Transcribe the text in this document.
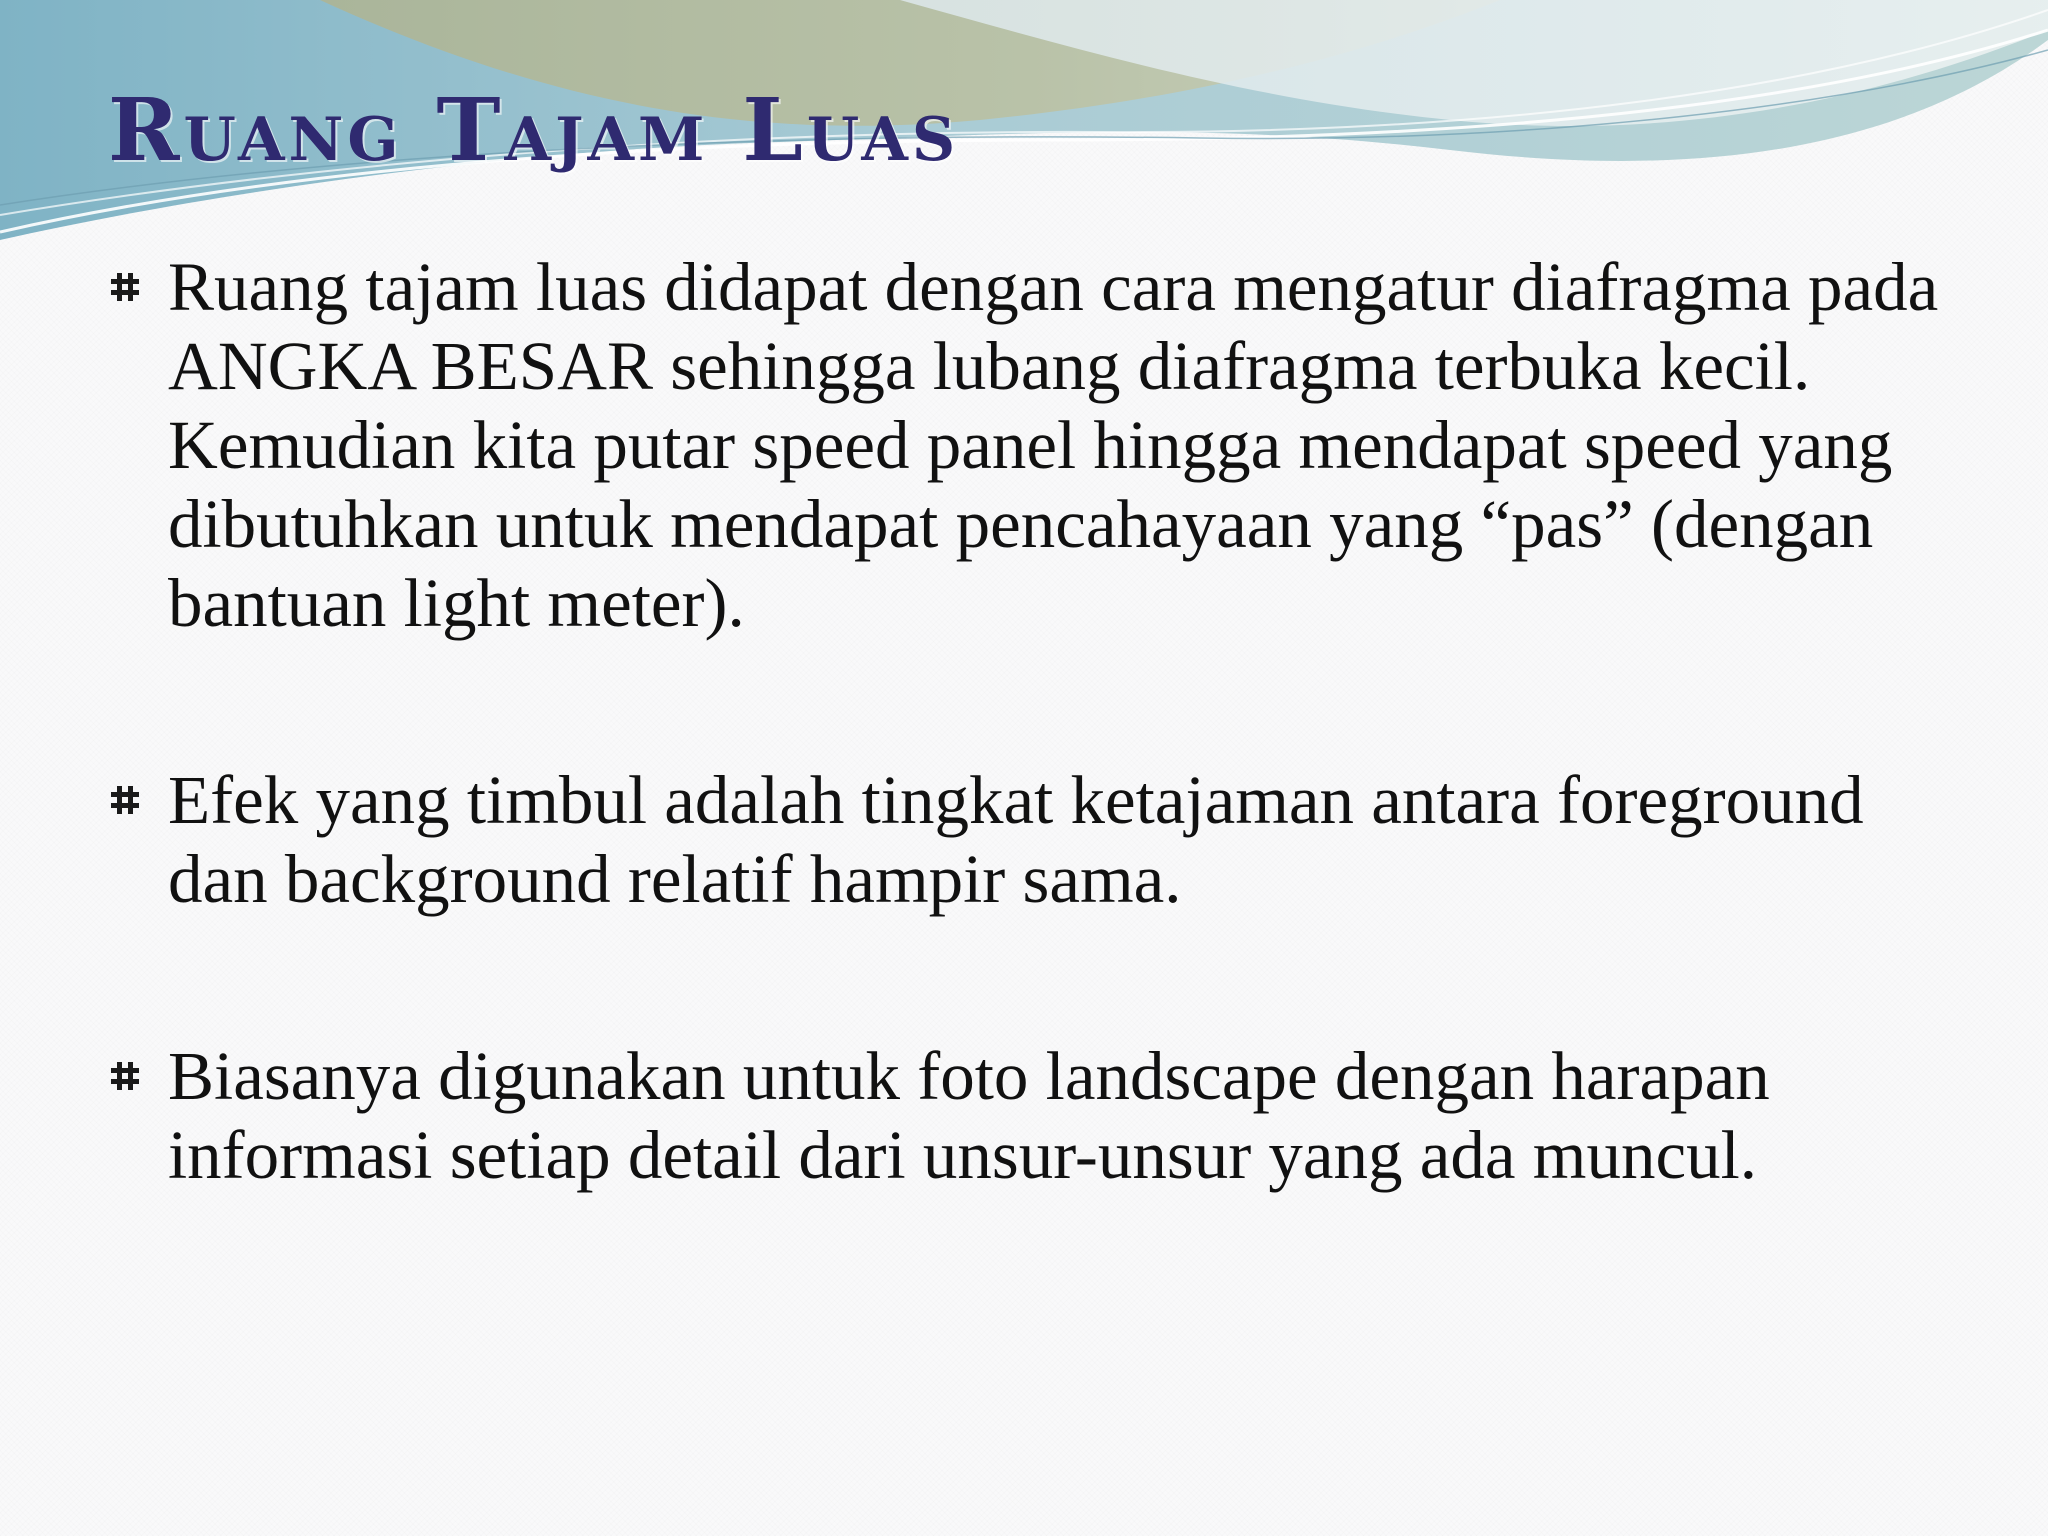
Ruang Tajam Luas
Ruang tajam luas didapat dengan cara mengatur diafragma pada ANGKA BESAR sehingga lubang diafragma terbuka kecil. Kemudian kita putar speed panel hingga mendapat speed yang dibutuhkan untuk mendapat pencahayaan yang “pas” (dengan bantuan light meter).
Efek yang timbul adalah tingkat ketajaman antara foreground dan background relatif hampir sama.
Biasanya digunakan untuk foto landscape dengan harapan informasi setiap detail dari unsur-unsur yang ada muncul.
